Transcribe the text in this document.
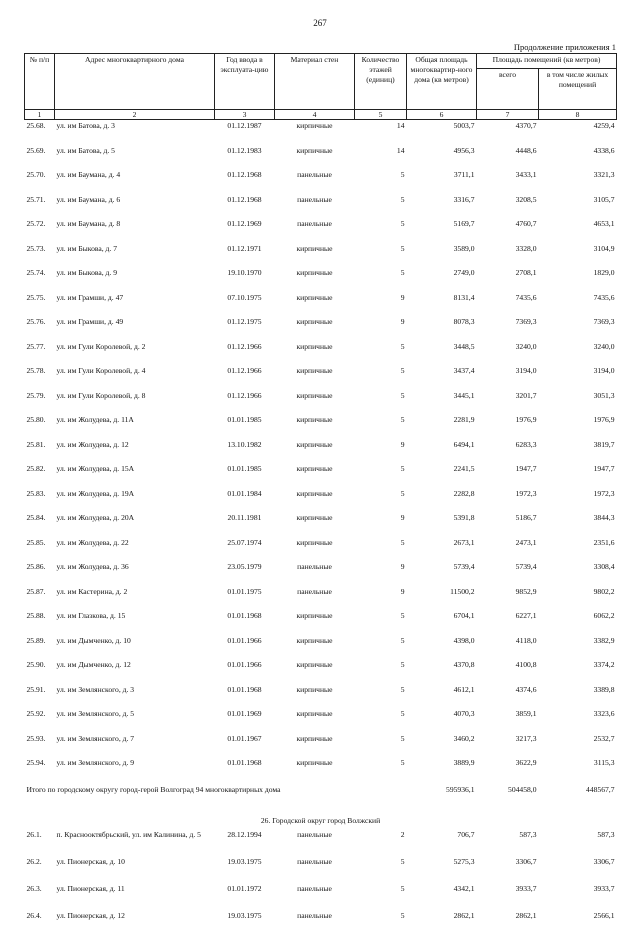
267
Продолжение приложения 1
№ п/п	Адрес многоквартирного дома	Год ввода в эксплуата-цию	Материал стен	Количество этажей (единиц)	Общая площадь многоквартир-ного дома (кв метров)	Площадь помещений (кв метров)	
						всего	в том числе жилых помещений
1	2	3	4	5	6	7	8
25.68.	ул. им Батова, д. 3	01.12.1987	кирпичные	14	5003,7	4370,7	4259,4
25.69.	ул. им Батова, д. 5	01.12.1983	кирпичные	14	4956,3	4448,6	4338,6
25.70.	ул. им Баумана, д. 4	01.12.1968	панельные	5	3711,1	3433,1	3321,3
25.71.	ул. им Баумана, д. 6	01.12.1968	панельные	5	3316,7	3208,5	3105,7
25.72.	ул. им Баумана, д. 8	01.12.1969	панельные	5	5169,7	4760,7	4653,1
25.73.	ул. им Быкова, д. 7	01.12.1971	кирпичные	5	3589,0	3328,0	3104,9
25.74.	ул. им Быкова, д. 9	19.10.1970	кирпичные	5	2749,0	2708,1	1829,0
25.75.	ул. им Грамши, д. 47	07.10.1975	кирпичные	9	8131,4	7435,6	7435,6
25.76.	ул. им Грамши, д. 49	01.12.1975	кирпичные	9	8078,3	7369,3	7369,3
25.77.	ул. им Гули Королевой, д. 2	01.12.1966	кирпичные	5	3448,5	3240,0	3240,0
25.78.	ул. им Гули Королевой, д. 4	01.12.1966	кирпичные	5	3437,4	3194,0	3194,0
25.79.	ул. им Гули Королевой, д. 8	01.12.1966	кирпичные	5	3445,1	3201,7	3051,3
25.80.	ул. им Жолудева, д. 11А	01.01.1985	кирпичные	5	2281,9	1976,9	1976,9
25.81.	ул. им Жолудева, д. 12	13.10.1982	кирпичные	9	6494,1	6283,3	3819,7
25.82.	ул. им Жолудева, д. 15А	01.01.1985	кирпичные	5	2241,5	1947,7	1947,7
25.83.	ул. им Жолудева, д. 19А	01.01.1984	кирпичные	5	2282,8	1972,3	1972,3
25.84.	ул. им Жолудева, д. 20А	20.11.1981	кирпичные	9	5391,8	5186,7	3844,3
25.85.	ул. им Жолудева, д. 22	25.07.1974	кирпичные	5	2673,1	2473,1	2351,6
25.86.	ул. им Жолудева, д. 36	23.05.1979	панельные	9	5739,4	5739,4	3308,4
25.87.	ул. им Кастерина, д. 2	01.01.1975	панельные	9	11500,2	9852,9	9802,2
25.88.	ул. им Глазкова, д. 15	01.01.1968	кирпичные	5	6704,1	6227,1	6062,2
25.89.	ул. им Дымченко, д. 10	01.01.1966	кирпичные	5	4398,0	4118,0	3382,9
25.90.	ул. им Дымченко, д. 12	01.01.1966	кирпичные	5	4370,8	4100,8	3374,2
25.91.	ул. им Землянского, д. 3	01.01.1968	кирпичные	5	4612,1	4374,6	3389,8
25.92.	ул. им Землянского, д. 5	01.01.1969	кирпичные	5	4070,3	3859,1	3323,6
25.93.	ул. им Землянского, д. 7	01.01.1967	кирпичные	5	3460,2	3217,3	2532,7
25.94.	ул. им Землянского, д. 9	01.01.1968	кирпичные	5	3889,9	3622,9	3115,3
Итого по городскому округу город-герой Волгоград 94 многоквартирных дома					595936,1	504458,0	448567,7
26. Городской округ город Волжский							
26.1.	п. Краснооктябрьский, ул. им Калинина, д. 5	28.12.1994	панельные	2	706,7	587,3	587,3
26.2.	ул. Пионерская, д. 10	19.03.1975	панельные	5	5275,3	3306,7	3306,7
26.3.	ул. Пионерская, д. 11	01.01.1972	панельные	5	4342,1	3933,7	3933,7
26.4.	ул. Пионерская, д. 12	19.03.1975	панельные	5	2862,1	2862,1	2566,1
